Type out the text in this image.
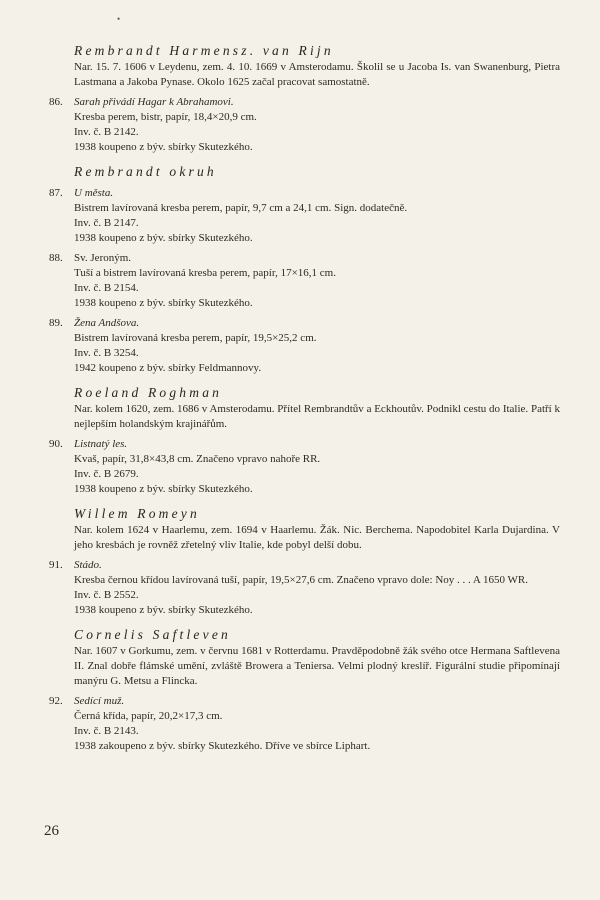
•
Rembrandt Harmensz. van Rijn
Nar. 15. 7. 1606 v Leydenu, zem. 4. 10. 1669 v Amsterodamu. Školil se u Jacoba Is. van Swanenburg, Pietra Lastmana a Jakoba Pynase. Okolo 1625 začal pracovat samostatně.
86. Sarah přivádí Hagar k Abrahamovi.
Kresba perem, bistr, papír, 18,4×20,9 cm.
Inv. č. B 2142.
1938 koupeno z býv. sbírky Skutezkého.
Rembrandt okruh
87. U města.
Bistrem lavírovaná kresba perem, papír, 9,7 cm a 24,1 cm. Sign. dodatečně.
Inv. č. B 2147.
1938 koupeno z býv. sbírky Skutezkého.
88. Sv. Jeroným.
Tuší a bistrem lavírovaná kresba perem, papír, 17×16,1 cm.
Inv. č. B 2154.
1938 koupeno z býv. sbírky Skutezkého.
89. Žena Andšova.
Bistrem lavírovaná kresba perem, papír, 19,5×25,2 cm.
Inv. č. B 3254.
1942 koupeno z býv. sbírky Feldmannovy.
Roeland Roghman
Nar. kolem 1620, zem. 1686 v Amsterodamu. Přítel Rembrandtův a Eckhoutův. Podnikl cestu do Italie. Patří k nejlepším holandským krajinářům.
90. Listnatý les.
Kvaš, papír, 31,8×43,8 cm. Značeno vpravo nahoře RR.
Inv. č. B 2679.
1938 koupeno z býv. sbírky Skutezkého.
Willem Romeyn
Nar. kolem 1624 v Haarlemu, zem. 1694 v Haarlemu. Žák. Nic. Berchema. Napodobitel Karla Dujardina. V jeho kresbách je rovněž zřetelný vliv Italie, kde pobyl delší dobu.
91. Stádo.
Kresba černou křídou lavírovaná tuší, papír, 19,5×27,6 cm. Značeno vpravo dole: Noy . . . A 1650 WR.
Inv. č. B 2552.
1938 koupeno z býv. sbírky Skutezkého.
Cornelis Saftleven
Nar. 1607 v Gorkumu, zem. v červnu 1681 v Rotterdamu. Pravděpodobně žák svého otce Hermana Saftlevena II. Znal dobře flámské umění, zvláště Browera a Teniersa. Velmi plodný kreslíř. Figurální studie připomínají manýru G. Metsu a Flincka.
92. Sedící muž.
Černá křída, papír, 20,2×17,3 cm.
Inv. č. B 2143.
1938 zakoupeno z býv. sbírky Skutezkého. Dříve ve sbírce Liphart.
26
